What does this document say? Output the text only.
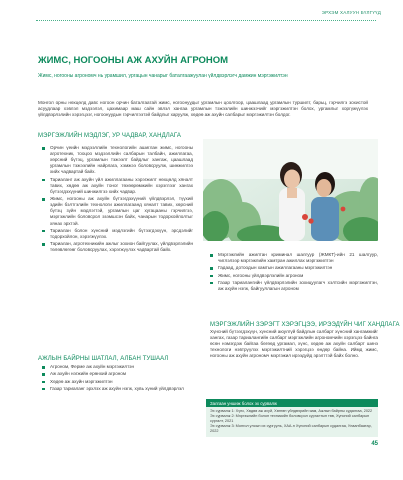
ЭРХЭМ ХАЛУУН БҮЛГҮҮД
ЖИМС, НОГООНЫ АЖ АХУЙН АГРОНОМ
Жимс, ногооны агрономч нь урамшил, ургацын чанарыг баталгаажуулан үйлдвэрлэгч дамжин мэргэжилтэн
Монгол орны нөхцөлд давс ногоон орчин баталгаатай жимс, ногоонуудыг ургамлын цоолгоор, цаашлаад ургамлын туршилт, барьц, гэрчилгэ зохистой асуудлаар хэвлэл мэдээлэл, цахимаар маш сайн эвлэл хангаа ургамлын тэжээлийн шинжээчийг мэргэжилтэн болох, ургамлыг хоргүжүүлэх үйлдвэрлэлийн хэрэгцээг, ногоонуудын гэрчилгээтэй байдлыг харуулж, хөдөө аж ахуйн салбарыг мэргэжилтэн болдог.
МЭРГЭЖЛИЙН МЭДЛЭГ, УР ЧАДВАР, ХАНДЛАГА
Орчин үеийн мэдээллийн технологийн ашиглан жимс, ногооны агротехник, тооцоо мэдээллийн салбарын талбайн, ажиллагаа, хөрсний бүтэц, ургамлын тэжээлт байдлыг хангаж, цаашлаад ургамлын тэжээлийн найрлага, хэмжээ боловсруулж, шинжилгээ хийх чадвартай байх.
Тариаланг аж ахуйн үйл ажиллагааны хэрэгжилт нөхцөлд хяналт тавих, хөдөө аж ахуйн тоног төхөөрөмжийн хэрэглээг хангах бүтээгдэхүүний шинжилгээ хийх чадвар.
Жимс, ногооны аж ахуйн бүтээгдэхүүний үйлдвэрлэл, түүхий эдийн бэлтгэлийн технологи ажиллагаанд хяналт тавих, хөрсний бүтэц зүйн мэдлэгтэй, ургамлын цаг хугацааны гэрчилгээ, мэргэжлийн боловсрол эзэмшсэн байх, чанарын тодорхойлолтыг хянах эрхтэй.
Тариалан болон хүнсний мэдлэгийн бүтээгдэхүүн, эрсдэлийг тодорхойлон, хэрэгжүүлэх.
Тариалан, агротехникийн ажлыг зохион байгуулах, үйлдвэрлэлийн төлөвлөгөөг боловсруулах, хэрэгжүүлэх чадвартай байх.
Мэргэжлийн ажилтан криминал шалгуур (ЖМКТ)-ийн 21 шалгуур, чиглэлээр мэргэжлийн хамтран ажиллах мэргэжилтэн
Гадаад, дотоодын хамтын ажиллагааны мэргэжилтэн
Жимс, ногооны үйлдвэрлэлийн агроном
Газар тариалангийн үйлдвэрлэлийн зохицуулагч хэлтсийн мэргэжилтэн, аж ахуйн нэгж, байгууллагын агроном
МЭРГЭЖЛИЙН ЗЭРЭГТ ХЭРЭГЦЭЭ, ИРЭЭДҮЙН ЧИГ ХАНДЛАГА
Хүнсний бүтээгдэхүүн, хүнсний аюулгүй байдлын салбарт хүнсний хангамжийг хангах, газар тариалангийн салбарт мэргэжлийн агрономчийн хэрэгцээ байнга өсөн нэмэгдэж байгаа бөгөөд ургамал, хүнс, хөдөө аж ахуйн салбарт шинэ технологи нэвтрүүлэх мэргэжилтний хэрэгцээ өндөр байна. Иймд жимс, ногооны аж ахуйн агрономч мэргэжил ирээдүйд эрэлттэй байх болно.
АЖЛЫН БАЙРНЫ ШАТЛАЛ, АЛБАН ТУШААЛ
Агроном, Ферме аж ахуйн мэргэжилтэн
Аж ахуйн нэгжийн ерөнхий агроном
Хөдөө аж ахуйн мэргэжилтэн
Газар тариаланг эрхлэх аж ахуйн нэгж, хувь хүний үйлдвэрлэл
Залгаан уншиж болох эх сурвалж
Эх сурвалж 1: Хүнс, Хөдөө аж ахуй, Хөнгөн үйлдвэрийн яам, Ажлын байрны судалгаа, 2022
Эх сурвалж 2: Мэргэжлийн болон техникийн боловсрол сургалтын төв, Хүнсний салбарын сургалт, 2021
Эх сурвалж 3: Монгол улсын их сургууль, ХАА-н Хүнсний салбарын судалгаа, Улаанбаатар, 2022
45
